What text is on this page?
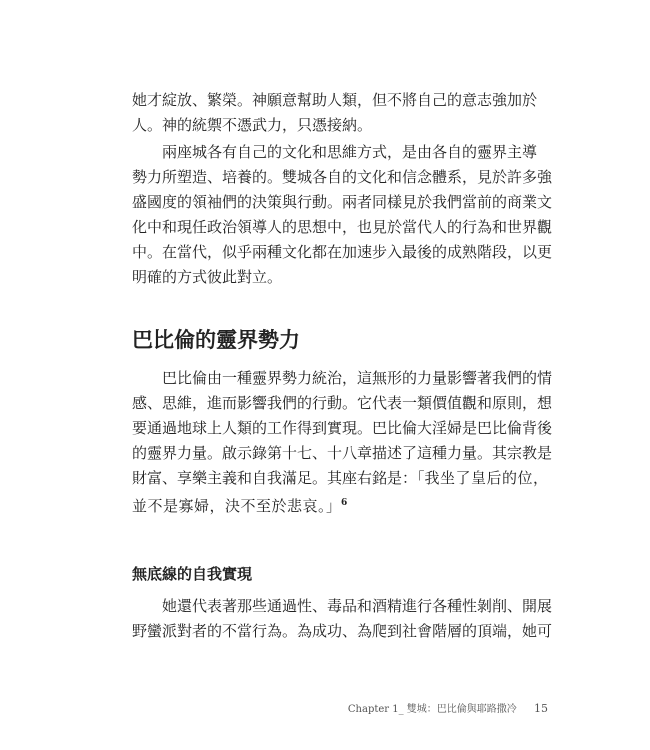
她才綻放、繁榮。神願意幫助人類，但不將自己的意志強加於
人。神的統禦不憑武力，只憑接納。

兩座城各有自己的文化和思維方式，是由各自的靈界主導
勢力所塑造、培養的。雙城各自的文化和信念體系，見於許多強
盛國度的領袖們的決策與行動。兩者同樣見於我們當前的商業文
化中和現任政治領導人的思想中，也見於當代人的行為和世界觀
中。在當代，似乎兩種文化都在加速步入最後的成熟階段，以更
明確的方式彼此對立。

巴比倫的靈界勢力

巴比倫由一種靈界勢力統治，這無形的力量影響著我們的情
感、思維，進而影響我們的行動。它代表一類價值觀和原則，想
要通過地球上人類的工作得到實現。巴比倫大淫婦是巴比倫背後
的靈界力量。啟示錄第十七、十八章描述了這種力量。其宗教是
財富、享樂主義和自我滿足。其座右銘是：「我坐了皇后的位，
並不是寡婦，決不至於悲哀。」$^6$

無底線的自我實現

她還代表著那些通過性、毒品和酒精進行各種性剝削、開展
野蠻派對者的不當行為。為成功、為爬到社會階層的頂端，她可

Chapter 1_ 雙城：巴比倫與耶路撒冷 15
